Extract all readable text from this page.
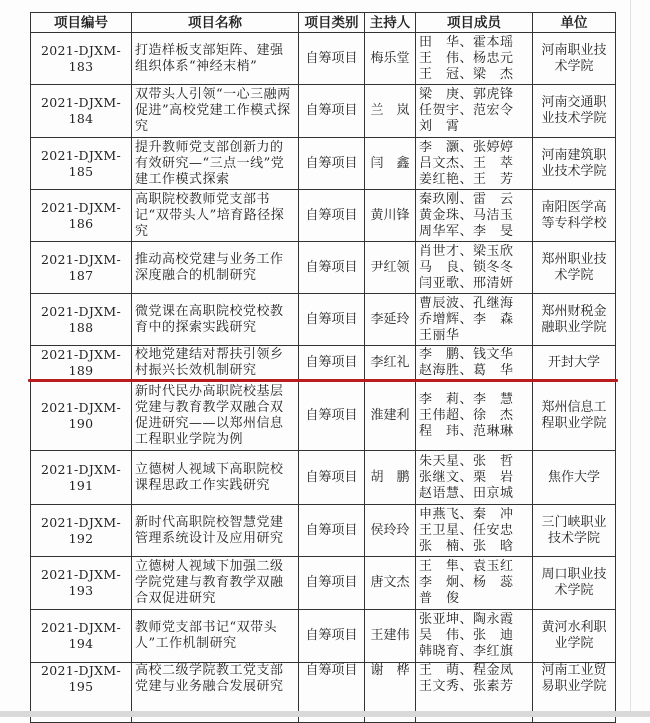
项目编号	项目名称	项目类别	主持人	项目成员	单位
2021-DJXM-183	打造样板支部矩阵、建强组织体系“神经末梢”	自筹项目	梅乐堂	田　华、霍本瑶
王　伟、杨忠元
王　冠、梁　杰	河南职业技术学院
2021-DJXM-184	双带头人引领“一心三融两促进”高校党建工作模式探究	自筹项目	兰　岚	梁　庚、郭虎锋
任贺宇、范宏令
刘　霄	河南交通职业技术学院
2021-DJXM-185	提升教师党支部创新力的有效研究—“三点一线”党建工作模式探索	自筹项目	闫　鑫	李　灏、张婷婷
吕文杰、王　萃
姜红艳、王　芳	河南建筑职业技术学院
2021-DJXM-186	高职院校教师党支部书记“双带头人”培育路径探究	自筹项目	黄川锋	秦玖刚、雷　云
黄金珠、马洁玉
周华军、李　旻	南阳医学高等专科学校
2021-DJXM-187	推动高校党建与业务工作深度融合的机制研究	自筹项目	尹红领	肖世才、梁玉欣
马　良、锁冬冬
闫亚歌、邢清妍	郑州职业技术学院
2021-DJXM-188	微党课在高职院校党校教育中的探索实践研究	自筹项目	李延玲	曹辰波、孔继海
乔增辉、李　森
王丽华	郑州财税金融职业学院
2021-DJXM-189	校地党建结对帮扶引领乡村振兴长效机制研究	自筹项目	李红礼	李　鹏、钱文华
赵海胜、葛　华	开封大学
2021-DJXM-190	新时代民办高职院校基层党建与教育教学双融合双促进研究——以郑州信息工程职业学院为例	自筹项目	淮建利	李　莉、李　慧
王伟超、徐　杰
程　玮、范琳琳	郑州信息工程职业学院
2021-DJXM-191	立德树人视域下高职院校课程思政工作实践研究	自筹项目	胡　鹏	朱天星、张　哲
张继文、栗　岩
赵语慧、田京城	焦作大学
2021-DJXM-192	新时代高职院校智慧党建管理系统设计及应用研究	自筹项目	侯玲玲	申燕飞、秦　冲
王卫星、任安忠
张　楠、张　晗	三门峡职业技术学院
2021-DJXM-193	立德树人视域下加强二级学院党建与教育教学双融合双促进研究	自筹项目	唐文杰	王　隼、袁玉红
李　炯、杨　蕊
普　俊	周口职业技术学院
2021-DJXM-194	教师党支部书记“双带头人”工作机制研究	自筹项目	王建伟	张亚坤、陶永霞
吴　伟、张　迪
韩晓育、李红旗	黄河水利职业学院
2021-DJXM-195	高校二级学院教工党支部党建与业务融合发展研究	自筹项目	谢　桦	王　萌、程金凤
王文秀、张素芳	河南工业贸易职业学院
